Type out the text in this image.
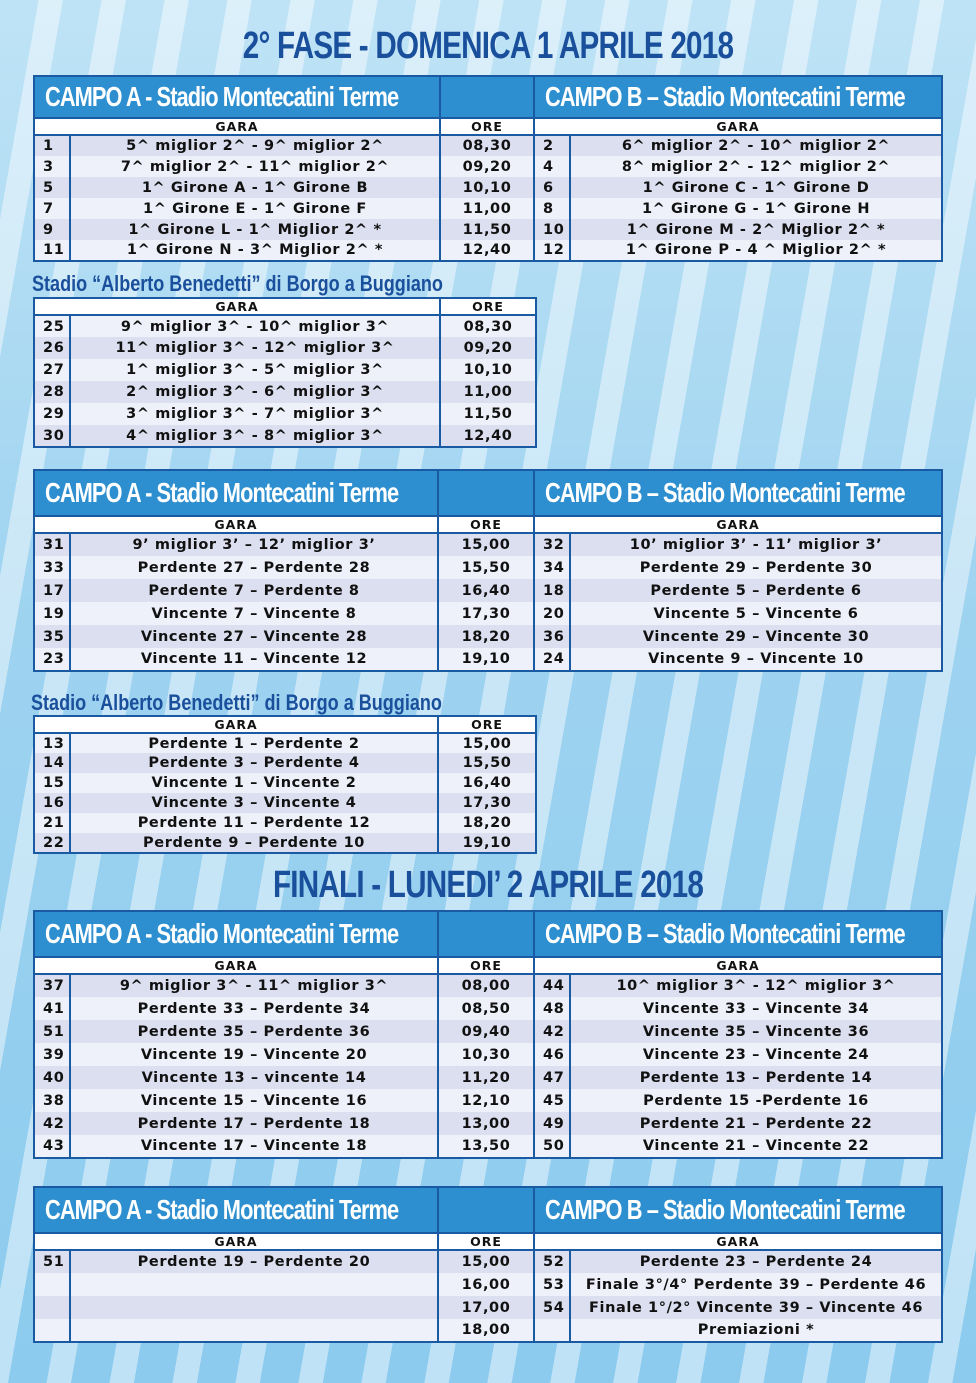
2° FASE - DOMENICA 1 APRILE 2018
CAMPO A - Stadio Montecatini Terme			CAMPO B – Stadio Montecatini Terme	
GARA		ORE	GARA	
1	5^ miglior 2^ - 9^ miglior 2^	08,30	2	6^ miglior 2^ - 10^ miglior 2^
3	7^ miglior 2^ - 11^ miglior 2^	09,20	4	8^ miglior 2^ - 12^ miglior 2^
5	1^ Girone A - 1^ Girone B	10,10	6	1^ Girone C - 1^ Girone D
7	1^ Girone E - 1^ Girone F	11,00	8	1^ Girone G - 1^ Girone H
9	1^ Girone L - 1^ Miglior 2^ *	11,50	10	1^ Girone M - 2^ Miglior 2^ *
11	1^ Girone N - 3^ Miglior 2^ *	12,40	12	1^ Girone P - 4 ^ Miglior 2^ *
Stadio “Alberto Benedetti” di Borgo a Buggiano
GARA		ORE
25	9^ miglior 3^ - 10^ miglior 3^	08,30
26	11^ miglior 3^ - 12^ miglior 3^	09,20
27	1^ miglior 3^ - 5^ miglior 3^	10,10
28	2^ miglior 3^ - 6^ miglior 3^	11,00
29	3^ miglior 3^ - 7^ miglior 3^	11,50
30	4^ miglior 3^ - 8^ miglior 3^	12,40
CAMPO A - Stadio Montecatini Terme			CAMPO B – Stadio Montecatini Terme	
GARA		ORE	GARA	
31	9’ miglior 3’ – 12’ miglior 3’	15,00	32	10’ miglior 3’ - 11’ miglior 3’
33	Perdente 27 – Perdente 28	15,50	34	Perdente 29 – Perdente 30
17	Perdente 7 – Perdente 8	16,40	18	Perdente 5 – Perdente 6
19	Vincente 7 – Vincente 8	17,30	20	Vincente 5 – Vincente 6
35	Vincente 27 – Vincente 28	18,20	36	Vincente 29 – Vincente 30
23	Vincente 11 – Vincente 12	19,10	24	Vincente 9 – Vincente 10
Stadio “Alberto Benedetti” di Borgo a Buggiano
GARA		ORE
13	Perdente 1 – Perdente 2	15,00
14	Perdente 3 – Perdente 4	15,50
15	Vincente 1 – Vincente 2	16,40
16	Vincente 3 – Vincente 4	17,30
21	Perdente 11 – Perdente 12	18,20
22	Perdente 9 – Perdente 10	19,10
FINALI - LUNEDI’ 2 APRILE 2018
CAMPO A - Stadio Montecatini Terme			CAMPO B – Stadio Montecatini Terme	
GARA		ORE	GARA	
37	9^ miglior 3^ - 11^ miglior 3^	08,00	44	10^ miglior 3^ - 12^ miglior 3^
41	Perdente 33 – Perdente 34	08,50	48	Vincente 33 – Vincente 34
51	Perdente 35 – Perdente 36	09,40	42	Vincente 35 – Vincente 36
39	Vincente 19 – Vincente 20	10,30	46	Vincente 23 – Vincente 24
40	Vincente 13 – vincente 14	11,20	47	Perdente 13 – Perdente 14
38	Vincente 15 – Vincente 16	12,10	45	Perdente 15 -Perdente 16
42	Perdente 17 – Perdente 18	13,00	49	Perdente 21 – Perdente 22
43	Vincente 17 – Vincente 18	13,50	50	Vincente 21 – Vincente 22
CAMPO A - Stadio Montecatini Terme			CAMPO B – Stadio Montecatini Terme	
GARA		ORE	GARA	
51	Perdente 19 – Perdente 20	15,00	52	Perdente 23 – Perdente 24
		16,00	53	Finale 3°/4° Perdente 39 – Perdente 46
		17,00	54	Finale 1°/2° Vincente 39 – Vincente 46
		18,00		Premiazioni *
